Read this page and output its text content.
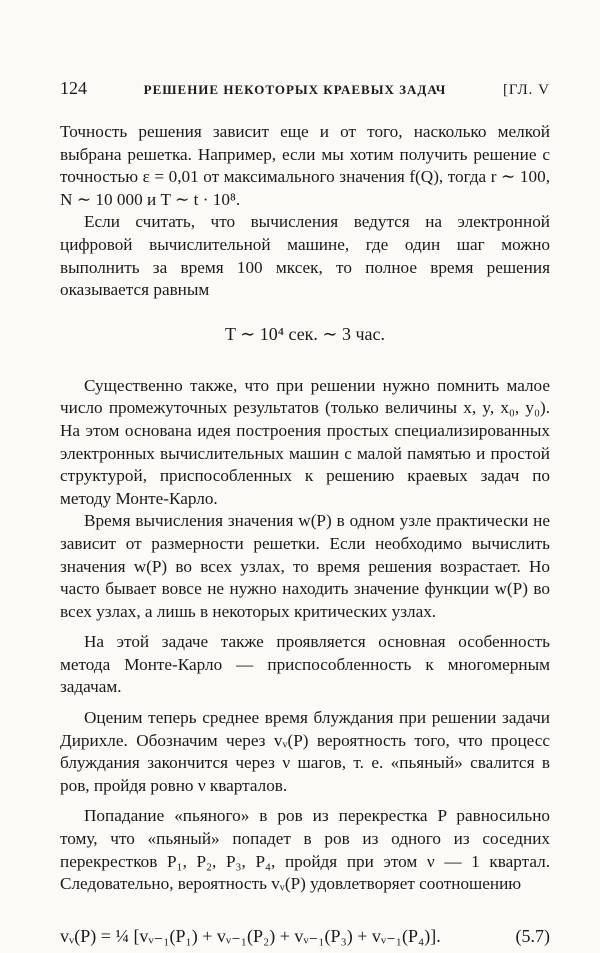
124	РЕШЕНИЕ НЕКОТОРЫХ КРАЕВЫХ ЗАДАЧ	[ГЛ. V

Точность решения зависит еще и от того, насколько мелкой выбрана решетка. Например, если мы хотим получить решение с точностью ε = 0,01 от максимального значения f(Q), тогда r ∼ 100, N ∼ 10 000 и T ∼ t · 10⁸.

Если считать, что вычисления ведутся на электронной цифровой вычислительной машине, где один шаг можно выполнить за время 100 мксек, то полное время решения оказывается равным

T ∼ 10⁴ сек. ∼ 3 час.

Существенно также, что при решении нужно помнить малое число промежуточных результатов (только величины x, y, x₀, y₀). На этом основана идея построения простых специализированных электронных вычислительных машин с малой памятью и простой структурой, приспособленных к решению краевых задач по методу Монте-Карло.

Время вычисления значения w(P) в одном узле практически не зависит от размерности решетки. Если необходимо вычислить значения w(P) во всех узлах, то время решения возрастает. Но часто бывает вовсе не нужно находить значение функции w(P) во всех узлах, а лишь в некоторых критических узлах.

На этой задаче также проявляется основная особенность метода Монте-Карло — приспособленность к многомерным задачам.

Оценим теперь среднее время блуждания при решении задачи Дирихле. Обозначим через vᵥ(P) вероятность того, что процесс блуждания закончится через ν шагов, т. е. «пьяный» свалится в ров, пройдя ровно ν кварталов.

Попадание «пьяного» в ров из перекрестка P равносильно тому, что «пьяный» попадет в ров из одного из соседних перекрестков P₁, P₂, P₃, P₄, пройдя при этом ν — 1 квартал. Следовательно, вероятность vᵥ(P) удовлетворяет соотношению

vᵥ(P) = ¼ [vᵥ₋₁(P₁) + vᵥ₋₁(P₂) + vᵥ₋₁(P₃) + vᵥ₋₁(P₄)].	(5.7)
